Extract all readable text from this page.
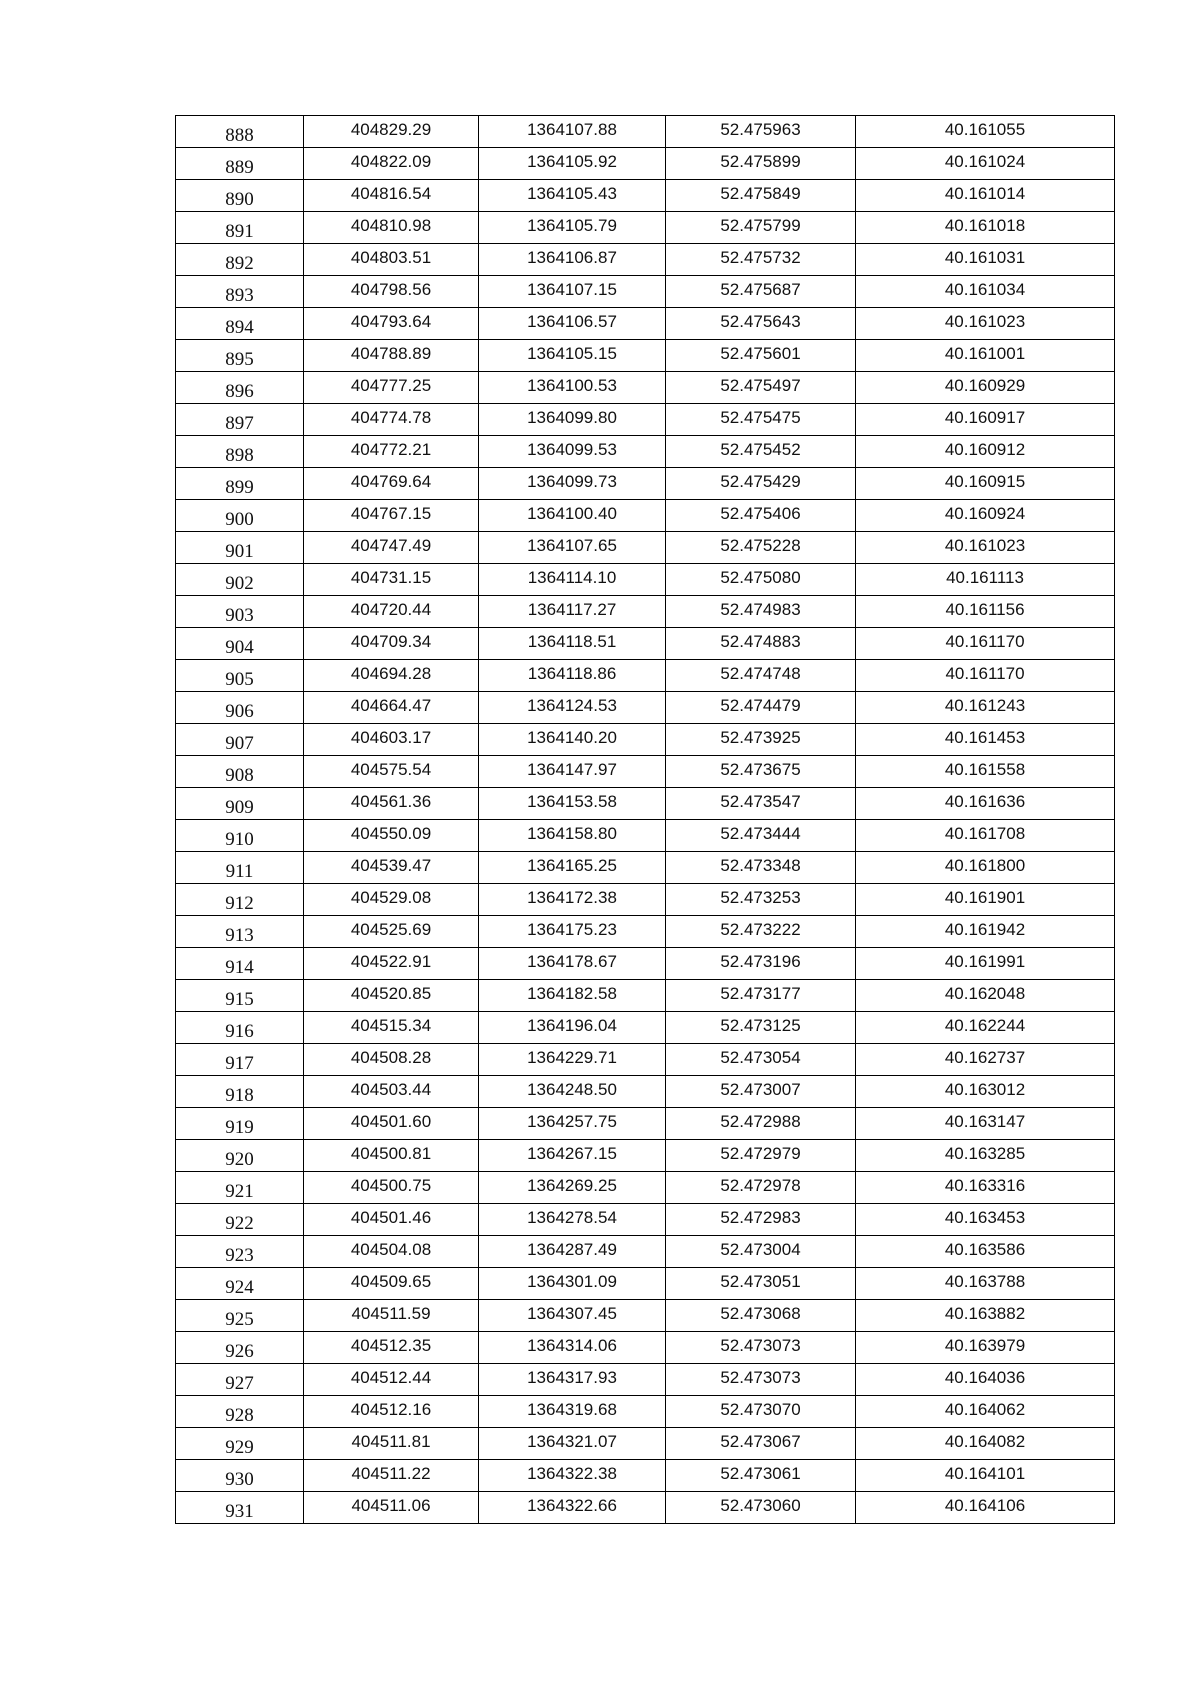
888	404829.29	1364107.88	52.475963	40.161055
889	404822.09	1364105.92	52.475899	40.161024
890	404816.54	1364105.43	52.475849	40.161014
891	404810.98	1364105.79	52.475799	40.161018
892	404803.51	1364106.87	52.475732	40.161031
893	404798.56	1364107.15	52.475687	40.161034
894	404793.64	1364106.57	52.475643	40.161023
895	404788.89	1364105.15	52.475601	40.161001
896	404777.25	1364100.53	52.475497	40.160929
897	404774.78	1364099.80	52.475475	40.160917
898	404772.21	1364099.53	52.475452	40.160912
899	404769.64	1364099.73	52.475429	40.160915
900	404767.15	1364100.40	52.475406	40.160924
901	404747.49	1364107.65	52.475228	40.161023
902	404731.15	1364114.10	52.475080	40.161113
903	404720.44	1364117.27	52.474983	40.161156
904	404709.34	1364118.51	52.474883	40.161170
905	404694.28	1364118.86	52.474748	40.161170
906	404664.47	1364124.53	52.474479	40.161243
907	404603.17	1364140.20	52.473925	40.161453
908	404575.54	1364147.97	52.473675	40.161558
909	404561.36	1364153.58	52.473547	40.161636
910	404550.09	1364158.80	52.473444	40.161708
911	404539.47	1364165.25	52.473348	40.161800
912	404529.08	1364172.38	52.473253	40.161901
913	404525.69	1364175.23	52.473222	40.161942
914	404522.91	1364178.67	52.473196	40.161991
915	404520.85	1364182.58	52.473177	40.162048
916	404515.34	1364196.04	52.473125	40.162244
917	404508.28	1364229.71	52.473054	40.162737
918	404503.44	1364248.50	52.473007	40.163012
919	404501.60	1364257.75	52.472988	40.163147
920	404500.81	1364267.15	52.472979	40.163285
921	404500.75	1364269.25	52.472978	40.163316
922	404501.46	1364278.54	52.472983	40.163453
923	404504.08	1364287.49	52.473004	40.163586
924	404509.65	1364301.09	52.473051	40.163788
925	404511.59	1364307.45	52.473068	40.163882
926	404512.35	1364314.06	52.473073	40.163979
927	404512.44	1364317.93	52.473073	40.164036
928	404512.16	1364319.68	52.473070	40.164062
929	404511.81	1364321.07	52.473067	40.164082
930	404511.22	1364322.38	52.473061	40.164101
931	404511.06	1364322.66	52.473060	40.164106
